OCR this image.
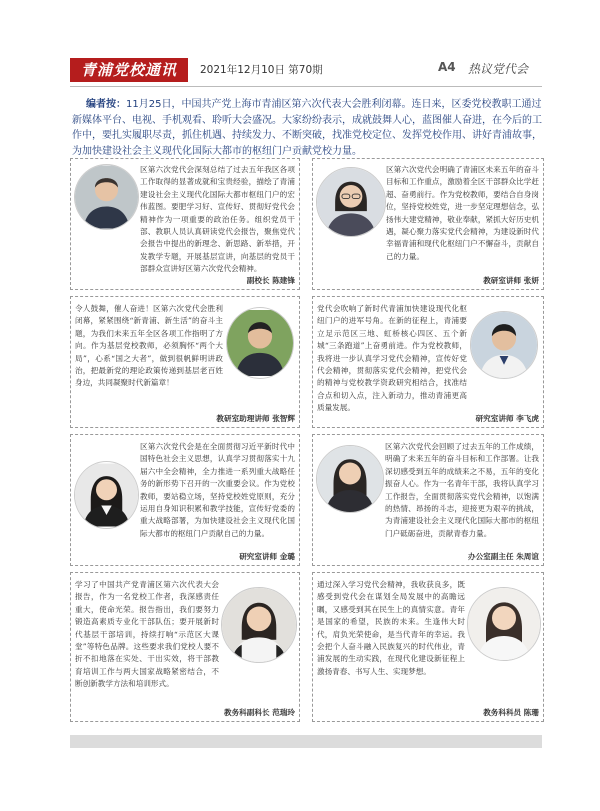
青浦党校通讯	2021年12月10日 第70期	A4 热议党代会

编者按：11月25日，中国共产党上海市青浦区第六次代表大会胜利闭幕。连日来，区委党校教职工通过新媒体平台、电视、手机观看、聆听大会盛况。大家纷纷表示，成就鼓舞人心，蓝图催人奋进，在今后的工作中，要扎实履职尽责，抓住机遇、持续发力、不断突破，找准党校定位、发挥党校作用、讲好青浦故事，为加快建设社会主义现代化国际大都市的枢纽门户贡献党校力量。

区第六次党代会深刻总结了过去五年我区各项工作取得的显著成就和宝贵经验，描绘了青浦建设社会主义现代化国际大都市枢纽门户的宏伟蓝图。要肥学习好、宣传好、贯彻好党代会精神作为一项重要的政治任务。组织党员干部、教职人员认真研读党代会报告，聚焦党代会报告中提出的新理念、新思路、新举措，开发教学专题，开展基层宣讲，向基层的党员干部群众宣讲好区第六次党代会精神。

副校长 陈建锋

区第六次党代会明确了青浦区未来五年的奋斗目标和工作重点，激励着全区干部群众比学赶超、奋勇前行。作为党校教师，要结合自身岗位，坚持党校姓党，进一步坚定理想信念，弘扬伟大建党精神，敬业奉献，紧抓大好历史机遇，凝心聚力落实党代会精神，为建设新时代幸福青浦和现代化枢纽门户不懈奋斗，贡献自己的力量。

教研室讲师 张妍

令人鼓舞，催人奋进！区第六次党代会胜利闭幕，紧紧围绕“新青浦、新生活”的奋斗主题，为我们未来五年全区各项工作指明了方向。作为基层党校教师，必须胸怀“两个大局”，心系“国之大者”，做到很帆鲜明讲政治，把最新党的理论政策传递到基层老百姓身边，共同凝聚时代新篇章！

教研室助理讲师 张智辉

党代会吹响了新时代青浦加快建设现代化枢纽门户的进军号角。在新的征程上，青浦要立足示范区三地、虹桥核心四区、五个新城“三条跑道”上奋勇前进。作为党校教师，我将进一步认真学习党代会精神，宣传好党代会精神，贯彻落实党代会精神，把党代会的精神与党校教学资政研究相结合，找准结合点和切入点，注入新动力，推动青浦更高质量发展。

研究室讲师 李飞虎

区第六次党代会是在全面贯彻习近平新时代中国特色社会主义思想，认真学习贯彻落实十九届六中全会精神，全力推进一系列重大战略任务的新形势下召开的一次重要会议。作为党校教师，要站稳立场，坚持党校姓党原则，充分运用自身知识积累和教学技能，宣传好党委的重大战略部署，为加快建设社会主义现代化国际大都市的枢纽门户贡献自己的力量。

研究室讲师 金璐

区第六次党代会回顾了过去五年的工作成绩，明确了未来五年的奋斗目标和工作部署。让我深切感受到五年的成绩来之不易，五年的变化振奋人心。作为一名青年干部，我将认真学习工作报告，全面贯彻落实党代会精神，以饱满的热情、昂扬的斗志，迎接更为艰辛的挑战，为青浦建设社会主义现代化国际大都市的枢纽门户砥砺奋进，贡献青春力量。

办公室副主任 朱周谊

学习了中国共产党青浦区第六次代表大会报告，作为一名党校工作者，我深感责任重大，使命光荣。报告指出，我们要努力锻造高素质专业化干部队伍；要开展新时代基层干部培训，持续打响“示范区大课堂”等特色品牌。这些要求我们党校人要不折不扣地落在实处、干出实效，将干部教育培训工作与两大国家战略紧密结合，不断创新教学方法和培训形式。

教务科副科长 范瑞玲

通过深入学习党代会精神，我收获良多，既感受到党代会在谋划全局发展中的高瞻远瞩，又感受到其在民生上的真情实意。青年是国家的希望，民族的未来。生逢伟大时代，肩负光荣使命，是当代青年的幸运。我会把个人奋斗融入民族复兴的时代伟业，青浦发展的生动实践，在现代化建设新征程上激扬青春、书写人生、实现梦想。

教务科科员 陈珊
